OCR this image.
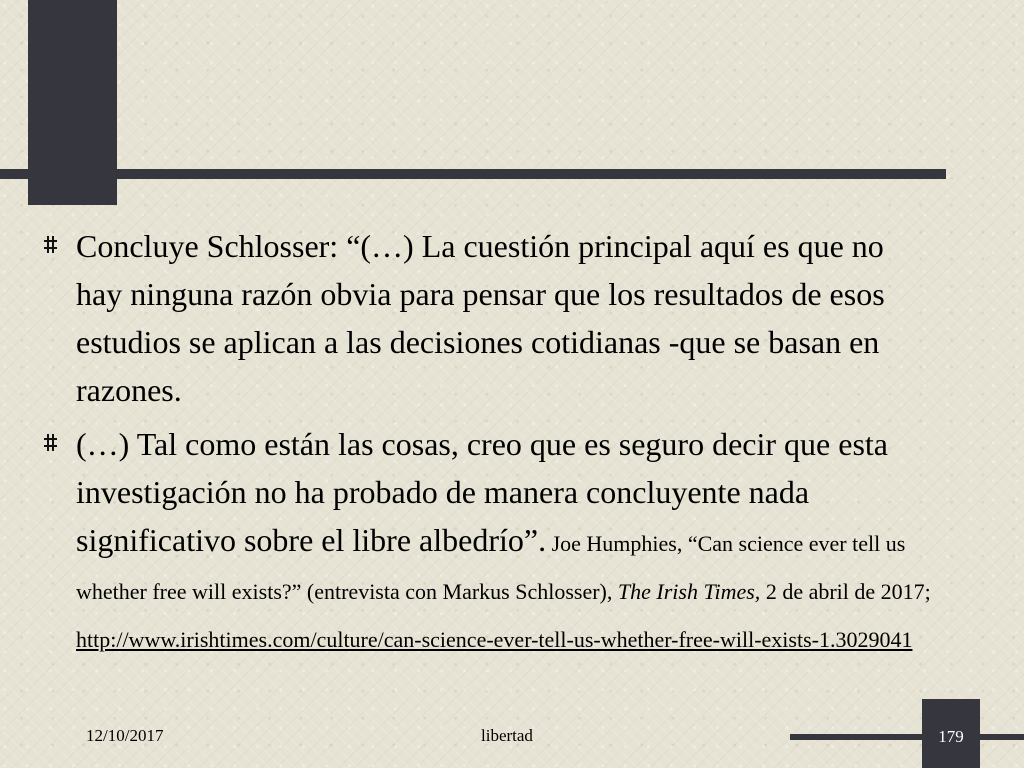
Concluye Schlosser: “(…) La cuestión principal aquí es que no hay ninguna razón obvia para pensar que los resultados de esos estudios se aplican a las decisiones cotidianas -que se basan en razones.

(…) Tal como están las cosas, creo que es seguro decir que esta investigación no ha probado de manera concluyente nada significativo sobre el libre albedrío”. Joe Humphies, “Can science ever tell us whether free will exists?” (entrevista con Markus Schlosser), The Irish Times, 2 de abril de 2017; http://www.irishtimes.com/culture/can-science-ever-tell-us-whether-free-will-exists-1.3029041

12/10/2017	libertad	179
